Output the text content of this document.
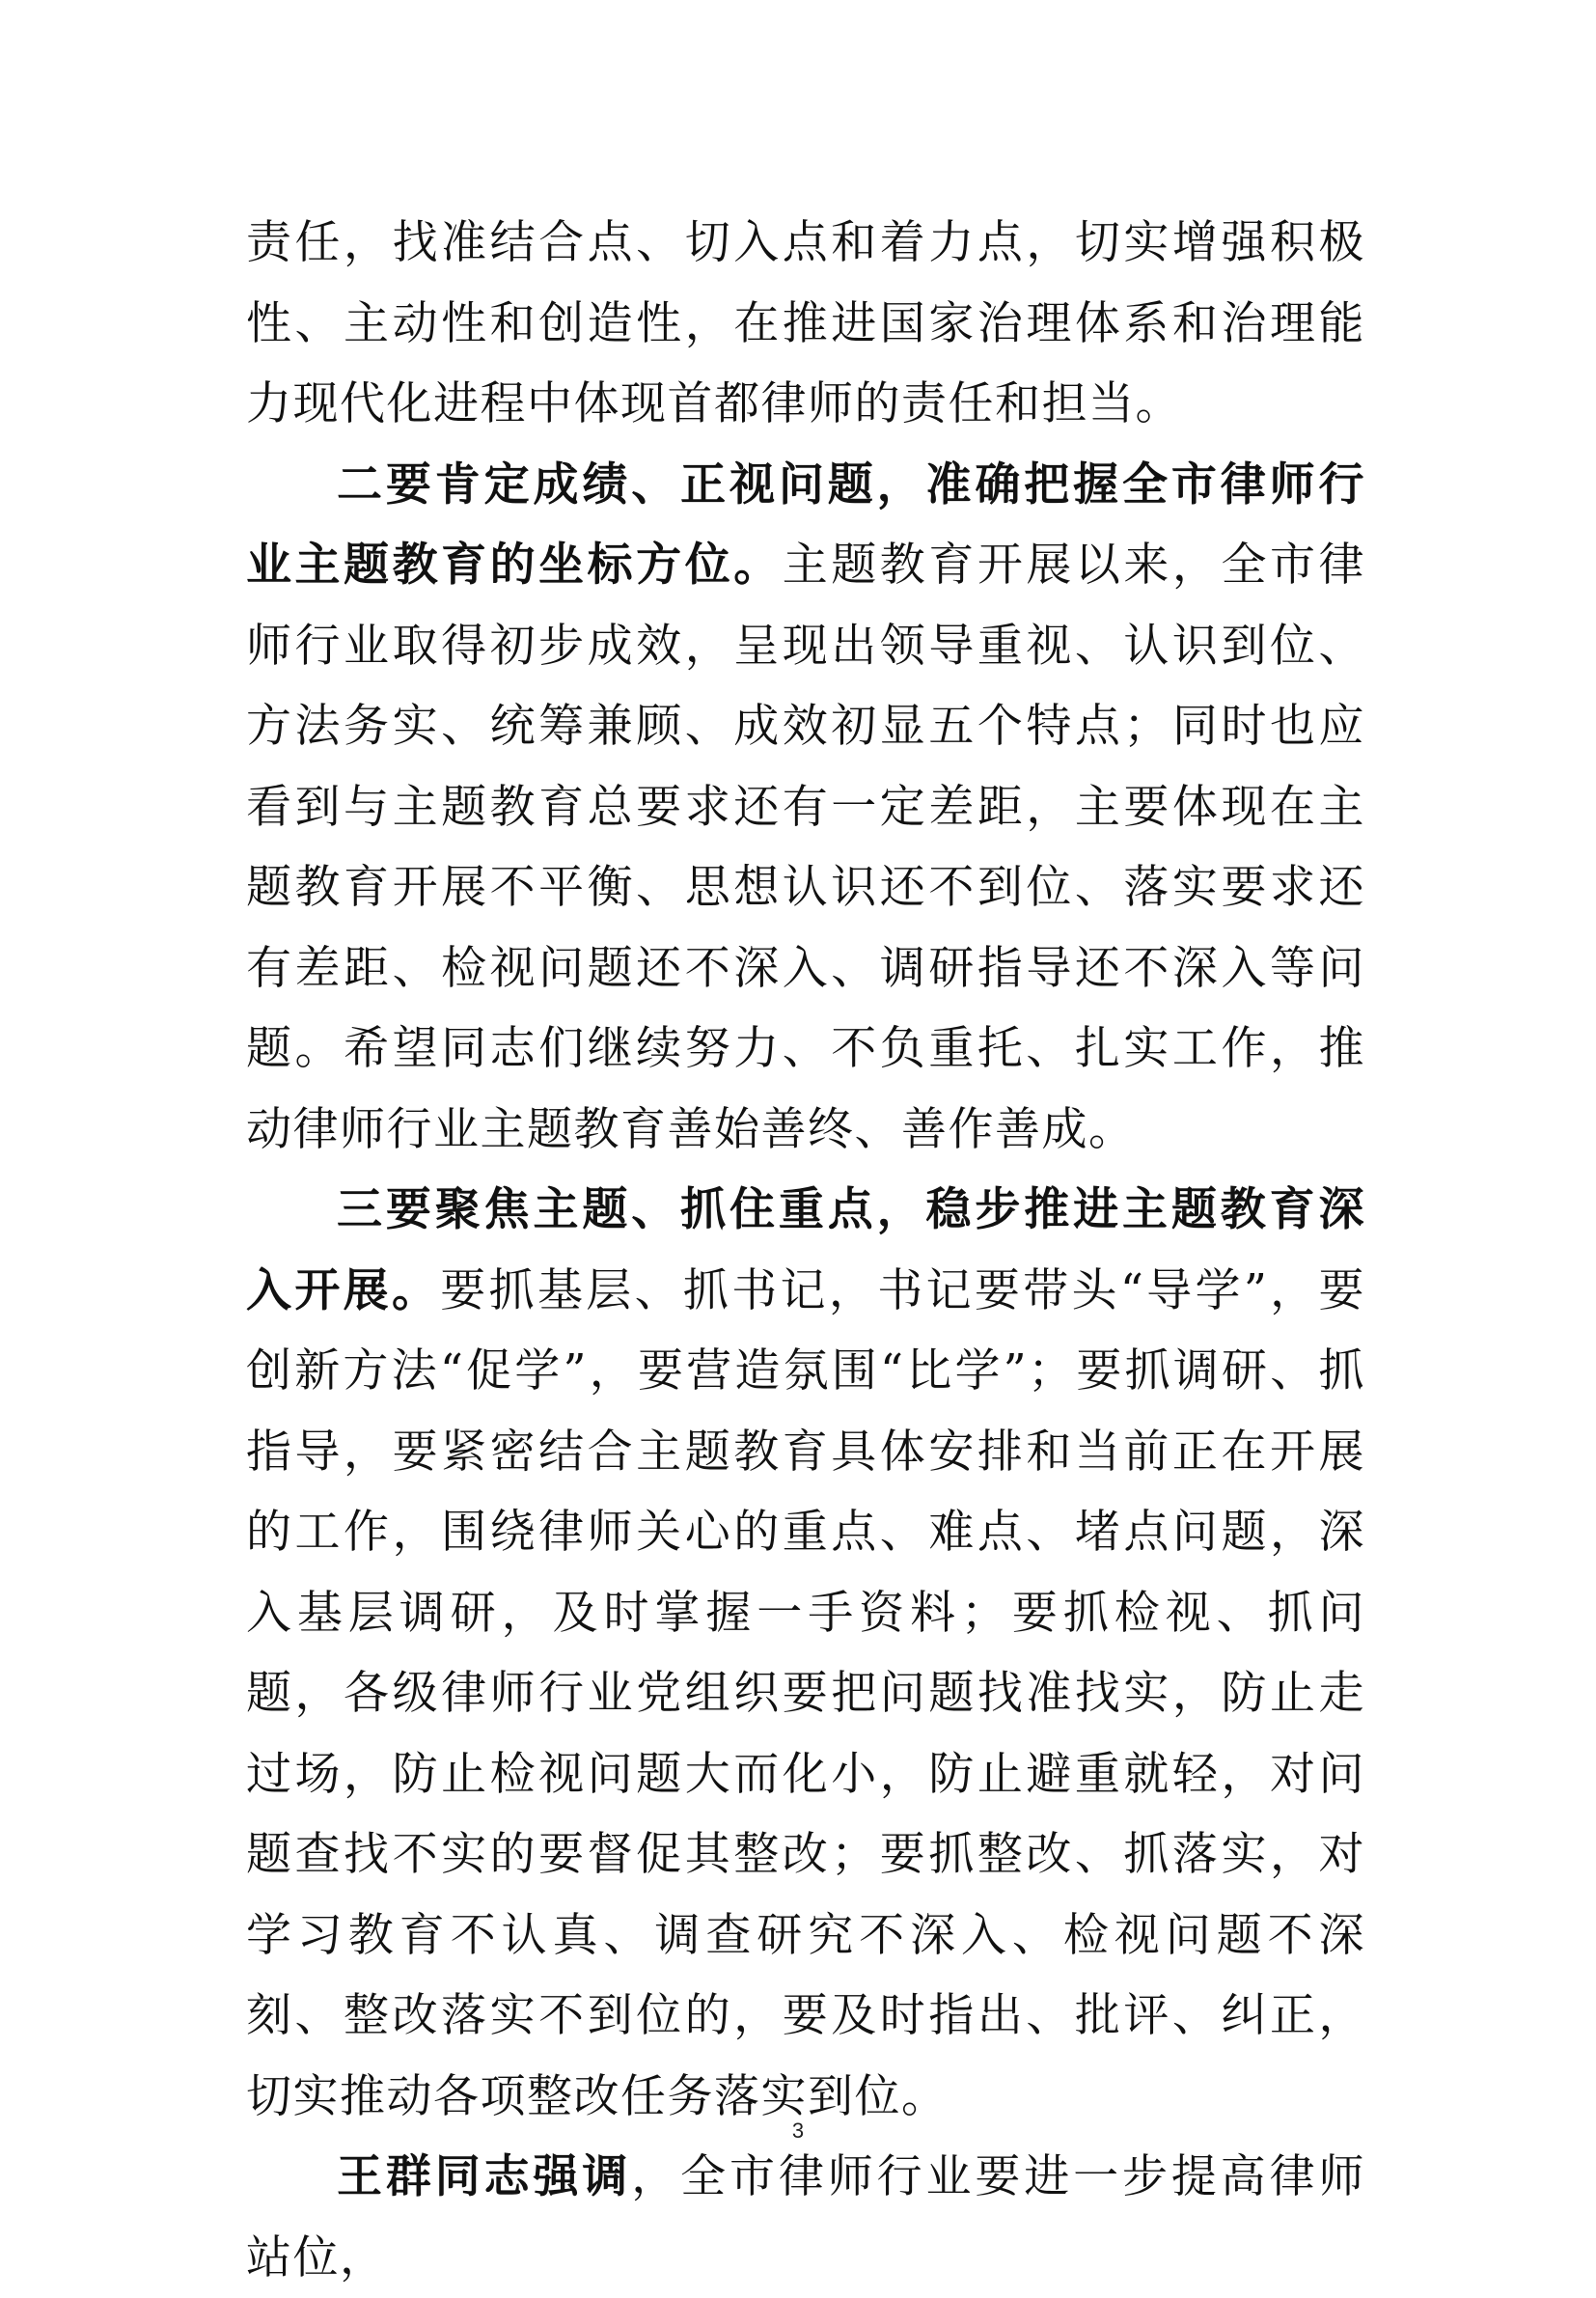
责任，找准结合点、切入点和着力点，切实增强积极性、主动性和创造性，在推进国家治理体系和治理能力现代化进程中体现首都律师的责任和担当。

二要肯定成绩、正视问题，准确把握全市律师行业主题教育的坐标方位。主题教育开展以来，全市律师行业取得初步成效，呈现出领导重视、认识到位、方法务实、统筹兼顾、成效初显五个特点；同时也应看到与主题教育总要求还有一定差距，主要体现在主题教育开展不平衡、思想认识还不到位、落实要求还有差距、检视问题还不深入、调研指导还不深入等问题。希望同志们继续努力、不负重托、扎实工作，推动律师行业主题教育善始善终、善作善成。

三要聚焦主题、抓住重点，稳步推进主题教育深入开展。要抓基层、抓书记，书记要带头“导学”，要创新方法“促学”，要营造氛围“比学”；要抓调研、抓指导，要紧密结合主题教育具体安排和当前正在开展的工作，围绕律师关心的重点、难点、堵点问题，深入基层调研，及时掌握一手资料；要抓检视、抓问题，各级律师行业党组织要把问题找准找实，防止走过场，防止检视问题大而化小，防止避重就轻，对问题查找不实的要督促其整改；要抓整改、抓落实，对学习教育不认真、调查研究不深入、检视问题不深刻、整改落实不到位的，要及时指出、批评、纠正，切实推动各项整改任务落实到位。

王群同志强调，全市律师行业要进一步提高律师站位，

3
